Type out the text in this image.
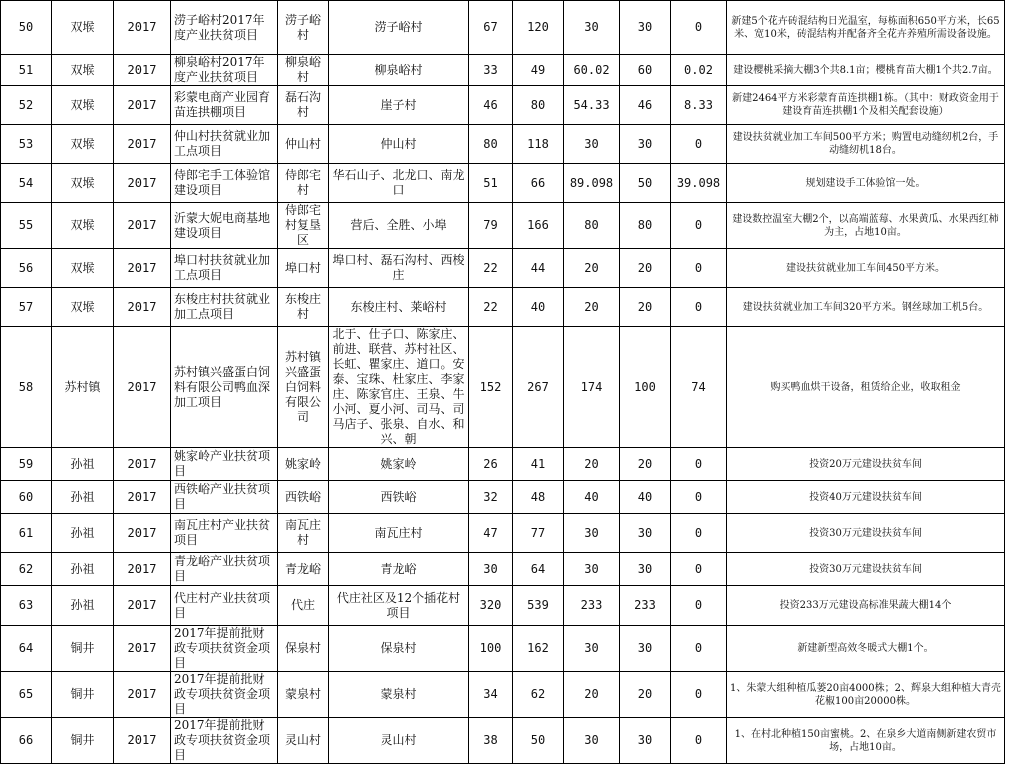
50	双堠	2017	涝子峪村2017年度产业扶贫项目	涝子峪村	涝子峪村	67	120	30	30	0	新建5个花卉砖混结构日光温室，每栋面积650平方米，长65米、宽10米，砖混结构并配备齐全花卉养殖所需设备设施。
51	双堠	2017	柳泉峪村2017年度产业扶贫项目	柳泉峪村	柳泉峪村	33	49	60.02	60	0.02	建设樱桃采摘大棚3个共8.1亩；樱桃育苗大棚1个共2.7亩。
52	双堠	2017	彩蒙电商产业园育苗连拱棚项目	磊石沟村	崖子村	46	80	54.33	46	8.33	新建2464平方米彩蒙育苗连拱棚1栋。（其中：财政资金用于建设育苗连拱棚1个及相关配套设施）
53	双堠	2017	仲山村扶贫就业加工点项目	仲山村	仲山村	80	118	30	30	0	建设扶贫就业加工车间500平方米；购置电动缝纫机2台，手动缝纫机18台。
54	双堠	2017	侍郎宅手工体验馆建设项目	侍郎宅村	华石山子、北龙口、南龙口	51	66	89.098	50	39.098	规划建设手工体验馆一处。
55	双堠	2017	沂蒙大妮电商基地建设项目	侍郎宅村复垦区	营后、全胜、小埠	79	166	80	80	0	建设数控温室大棚2个，以高端蓝莓、水果黄瓜、水果西红柿为主，占地10亩。
56	双堠	2017	埠口村扶贫就业加工点项目	埠口村	埠口村、磊石沟村、西梭庄	22	44	20	20	0	建设扶贫就业加工车间450平方米。
57	双堠	2017	东梭庄村扶贫就业加工点项目	东梭庄村	东梭庄村、莱峪村	22	40	20	20	0	建设扶贫就业加工车间320平方米。钢丝球加工机5台。
58	苏村镇	2017	苏村镇兴盛蛋白饲料有限公司鸭血深加工项目	苏村镇兴盛蛋白饲料有限公司	北于、仕子口、陈家庄、前进、联营、苏村社区、长虹、瞿家庄、道口。安泰、宝珠、杜家庄、李家庄、陈家官庄、王泉、牛小河、夏小河、司马、司马店子、张泉、自水、和兴、朝	152	267	174	100	74	购买鸭血烘干设备，租赁给企业，收取租金
59	孙祖	2017	姚家岭产业扶贫项目	姚家岭	姚家岭	26	41	20	20	0	投资20万元建设扶贫车间
60	孙祖	2017	西铁峪产业扶贫项目	西铁峪	西铁峪	32	48	40	40	0	投资40万元建设扶贫车间
61	孙祖	2017	南瓦庄村产业扶贫项目	南瓦庄村	南瓦庄村	47	77	30	30	0	投资30万元建设扶贫车间
62	孙祖	2017	青龙峪产业扶贫项目	青龙峪	青龙峪	30	64	30	30	0	投资30万元建设扶贫车间
63	孙祖	2017	代庄村产业扶贫项目	代庄	代庄社区及12个插花村项目	320	539	233	233	0	投资233万元建设高标准果蔬大棚14个
64	铜井	2017	2017年提前批财政专项扶贫资金项目	保泉村	保泉村	100	162	30	30	0	新建新型高效冬暖式大棚1个。
65	铜井	2017	2017年提前批财政专项扶贫资金项目	蒙泉村	蒙泉村	34	62	20	20	0	1、朱蒙大组种植瓜蒌20亩4000株；2、辉泉大组种植大青壳花椒100亩20000株。
66	铜井	2017	2017年提前批财政专项扶贫资金项目	灵山村	灵山村	38	50	30	30	0	1、在村北种植150亩蜜桃。2、在泉乡大道南侧新建农贸市场，占地10亩。
